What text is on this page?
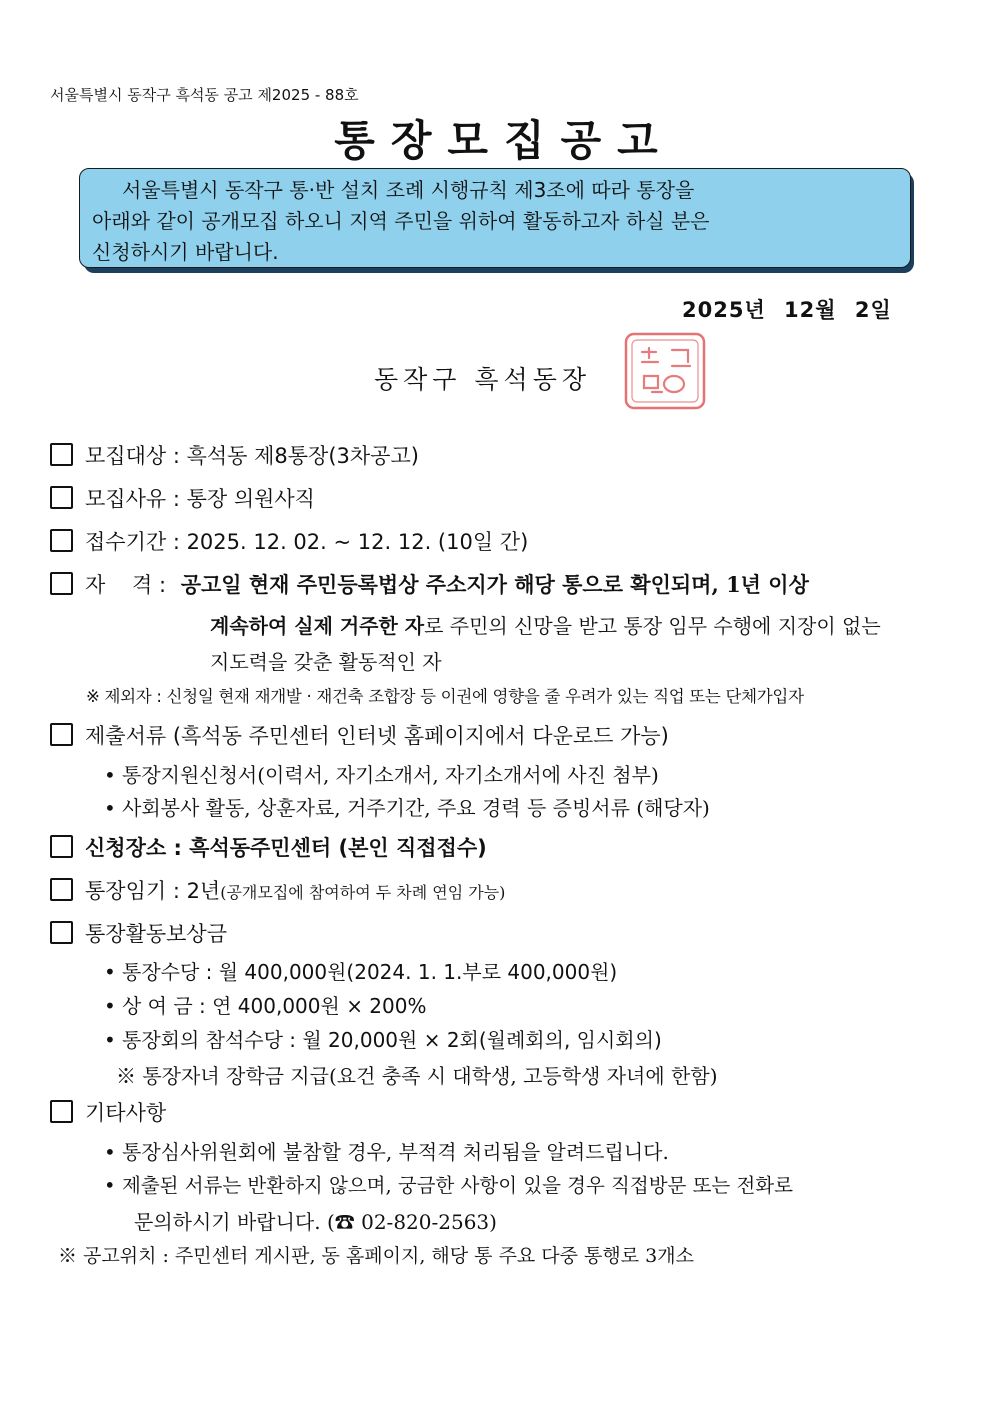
서울특별시 동작구 흑석동 공고 제2025 - 88호
통장모집공고

서울특별시 동작구 통·반 설치 조례 시행규칙 제3조에 따라 통장을

아래와 같이 공개모집 하오니 지역 주민을 위하여 활동하고자 하실 분은

신청하시기 바랍니다.

2025년 12월 2일
동작구 흑석동장
모집대상 : 흑석동 제8통장(3차공고)
모집사유 : 통장 의원사직
접수기간 : 2025. 12. 02. ~ 12. 12. (10일 간)
자    격 : 공고일 현재 주민등록법상 주소지가 해당 통으로 확인되며, 1년 이상
계속하여 실제 거주한 자로 주민의 신망을 받고 통장 임무 수행에 지장이 없는
지도력을 갖춘 활동적인 자
※ 제외자 : 신청일 현재 재개발 · 재건축 조합장 등 이권에 영향을 줄 우려가 있는 직업 또는 단체가입자
제출서류 (흑석동 주민센터 인터넷 홈페이지에서 다운로드 가능)
• 통장지원신청서(이력서, 자기소개서, 자기소개서에 사진 첨부)
• 사회봉사 활동, 상훈자료, 거주기간, 주요 경력 등 증빙서류 (해당자)
신청장소 : 흑석동주민센터 (본인 직접접수)
통장임기 : 2년(공개모집에 참여하여 두 차례 연임 가능)
통장활동보상금
• 통장수당 : 월 400,000원(2024. 1. 1.부로 400,000원)
• 상 여 금 : 연 400,000원 × 200%
• 통장회의 참석수당 : 월 20,000원 × 2회(월례회의, 임시회의)
※ 통장자녀 장학금 지급(요건 충족 시 대학생, 고등학생 자녀에 한함)
기타사항
• 통장심사위원회에 불참할 경우, 부적격 처리됨을 알려드립니다.
• 제출된 서류는 반환하지 않으며, 궁금한 사항이 있을 경우 직접방문 또는 전화로
문의하시기 바랍니다. (☎ 02-820-2563)
※ 공고위치 : 주민센터 게시판, 동 홈페이지, 해당 통 주요 다중 통행로 3개소
